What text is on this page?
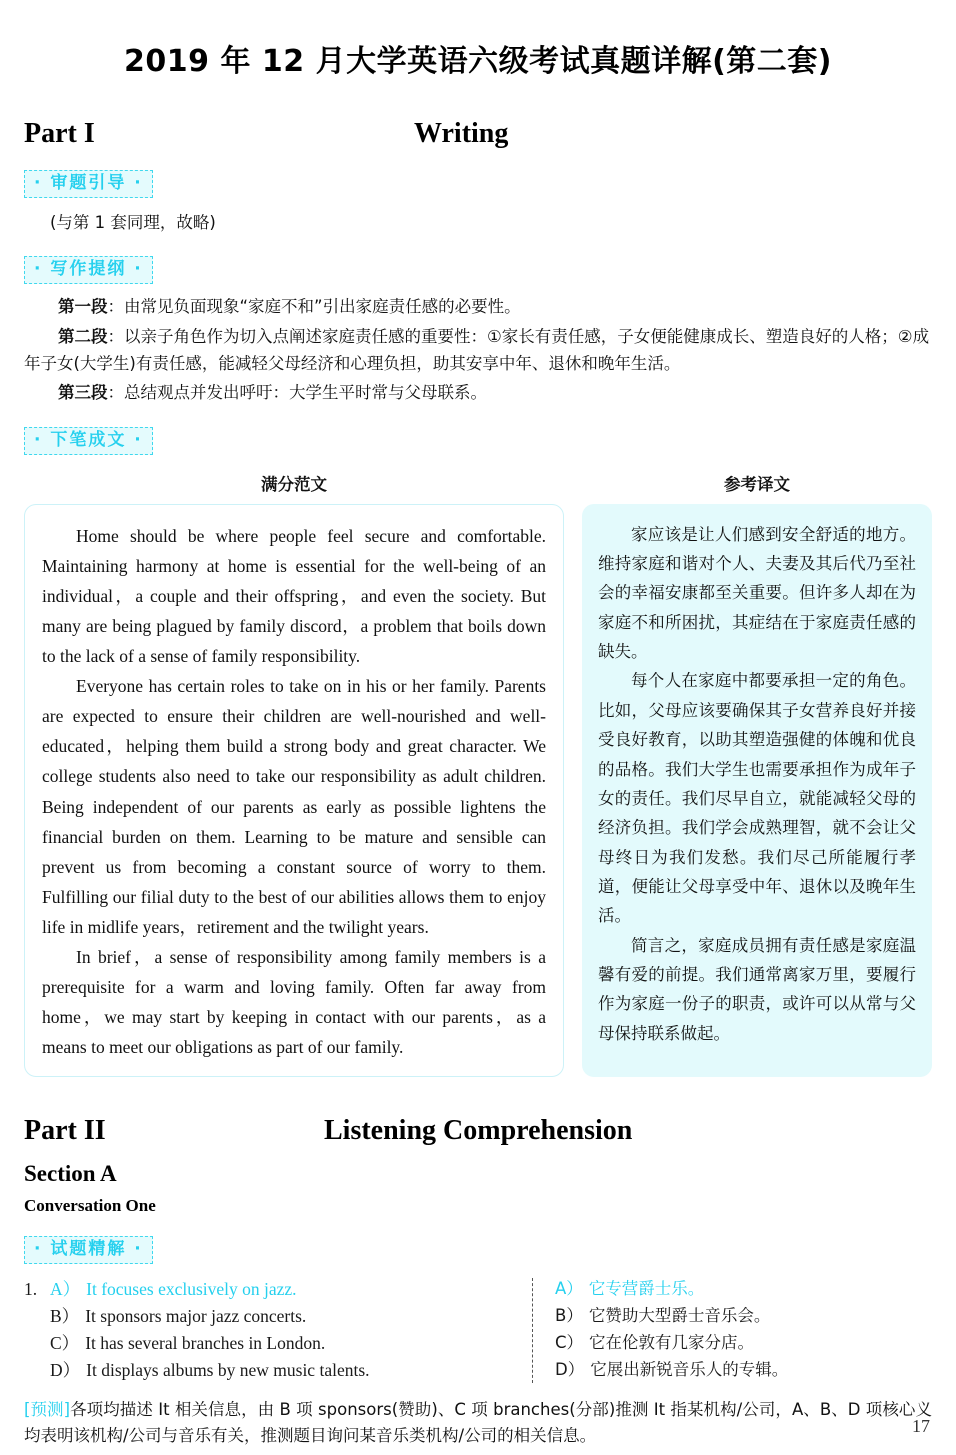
2019 年 12 月大学英语六级考试真题详解(第二套)
Part I	Writing
· 审题引导 ·
(与第 1 套同理，故略)
· 写作提纲 ·

第一段：由常见负面现象“家庭不和”引出家庭责任感的必要性。

第二段：以亲子角色作为切入点阐述家庭责任感的重要性：①家长有责任感，子女便能健康成长、塑造良好的人格；②成年子女(大学生)有责任感，能减轻父母经济和心理负担，助其安享中年、退休和晚年生活。

第三段：总结观点并发出呼吁：大学生平时常与父母联系。

· 下笔成文 ·
满分范文	参考译文

Home should be where people feel secure and comfortable. Maintaining harmony at home is essential for the well-being of an individual，a couple and their offspring，and even the society. But many are being plagued by family discord，a problem that boils down to the lack of a sense of family responsibility.

Everyone has certain roles to take on in his or her family. Parents are expected to ensure their children are well-nourished and well-educated，helping them build a strong body and great character. We college students also need to take our responsibility as adult children. Being independent of our parents as early as possible lightens the financial burden on them. Learning to be mature and sensible can prevent us from becoming a constant source of worry to them. Fulfilling our filial duty to the best of our abilities allows them to enjoy life in midlife years，retirement and the twilight years.

In brief，a sense of responsibility among family members is a prerequisite for a warm and loving family. Often far away from home，we may start by keeping in contact with our parents，as a means to meet our obligations as part of our family.

家应该是让人们感到安全舒适的地方。维持家庭和谐对个人、夫妻及其后代乃至社会的幸福安康都至关重要。但许多人却在为家庭不和所困扰，其症结在于家庭责任感的缺失。

每个人在家庭中都要承担一定的角色。比如，父母应该要确保其子女营养良好并接受良好教育，以助其塑造强健的体魄和优良的品格。我们大学生也需要承担作为成年子女的责任。我们尽早自立，就能减轻父母的经济负担。我们学会成熟理智，就不会让父母终日为我们发愁。我们尽己所能履行孝道，便能让父母享受中年、退休以及晚年生活。

简言之，家庭成员拥有责任感是家庭温馨有爱的前提。我们通常离家万里，要履行作为家庭一份子的职责，或许可以从常与父母保持联系做起。

Part II	Listening Comprehension
Section A
Conversation One
· 试题精解 ·
1. A） It focuses exclusively on jazz.
B） It sponsors major jazz concerts.
C） It has several branches in London.
D） It displays albums by new music talents.
A） 它专营爵士乐。
B） 它赞助大型爵士音乐会。
C） 它在伦敦有几家分店。
D） 它展出新锐音乐人的专辑。
[预测]各项均描述 It 相关信息，由 B 项 sponsors(赞助)、C 项 branches(分部)推测 It 指某机构/公司，A、B、D 项核心义均表明该机构/公司与音乐有关，推测题目询问某音乐类机构/公司的相关信息。	17
